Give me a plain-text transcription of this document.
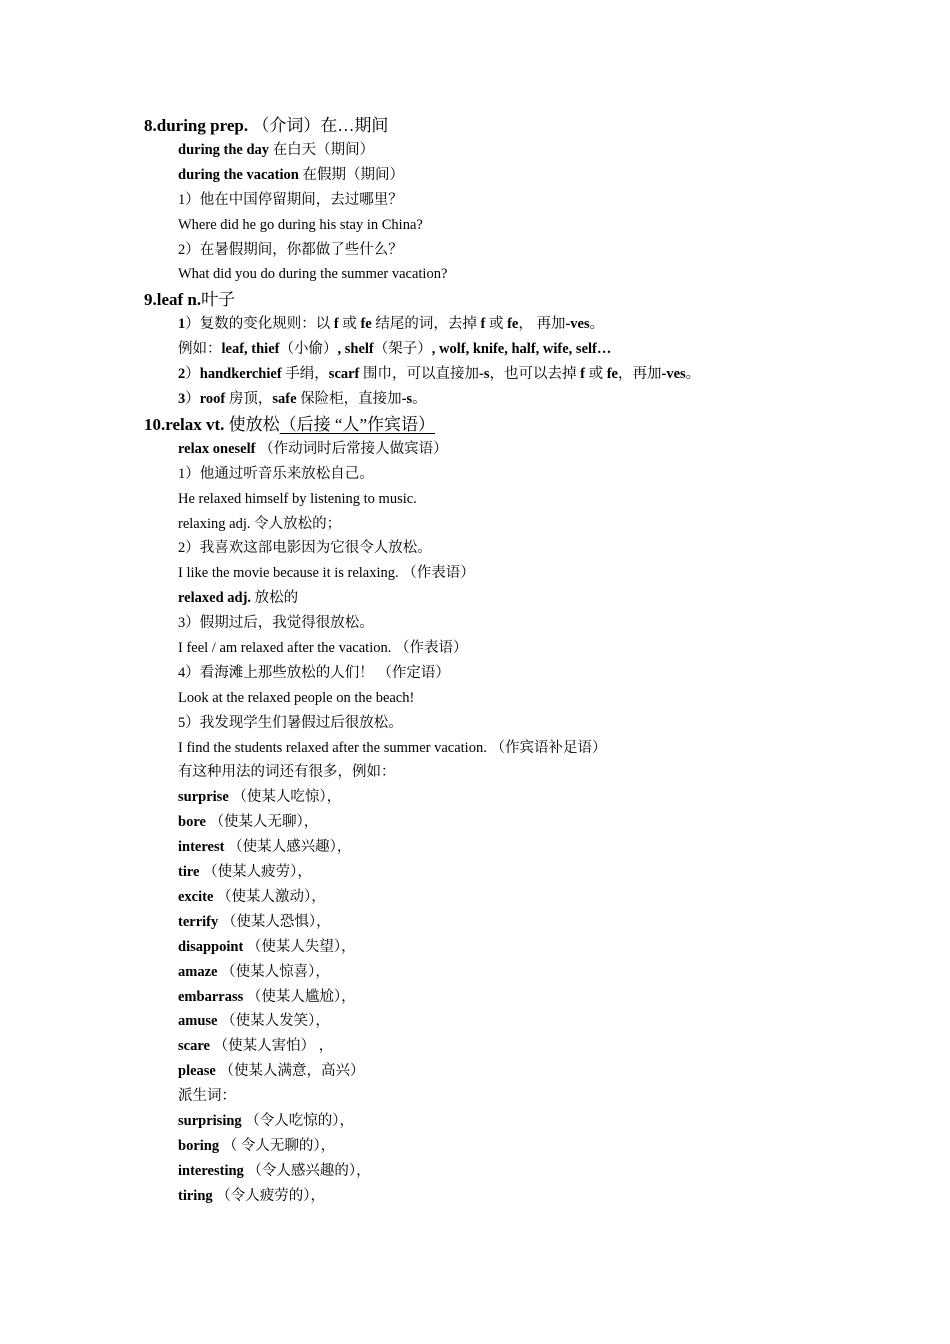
8.during prep. （介词）在…期间
during the day 在白天（期间）
during the vacation 在假期（期间）
1）他在中国停留期间，去过哪里？
Where did he go during his stay in China?
2）在暑假期间，你都做了些什么？
What did you do during the summer vacation?
9.leaf n.叶子
1）复数的变化规则：以 f 或 fe 结尾的词，去掉 f 或 fe， 再加-ves。
例如：leaf, thief（小偷）, shelf（架子）, wolf, knife, half, wife, self…
2）handkerchief 手绢，scarf 围巾，可以直接加-s，也可以去掉 f 或 fe，再加-ves。
3）roof 房顶，safe 保险柜，直接加-s。
10.relax vt. 使放松（后接 “人”作宾语）
relax oneself （作动词时后常接人做宾语）
1）他通过听音乐来放松自己。
He relaxed himself by listening to music.
relaxing adj. 令人放松的；
2）我喜欢这部电影因为它很令人放松。
I like the movie because it is relaxing. （作表语）
relaxed adj. 放松的
3）假期过后，我觉得很放松。
I feel / am relaxed after the vacation. （作表语）
4）看海滩上那些放松的人们！ （作定语）
Look at the relaxed people on the beach!
5）我发现学生们暑假过后很放松。
I find the students relaxed after the summer vacation. （作宾语补足语）
有这种用法的词还有很多，例如：
surprise （使某人吃惊），
bore （使某人无聊），
interest （使某人感兴趣），
tire （使某人疲劳），
excite （使某人激动），
terrify （使某人恐惧），
disappoint （使某人失望），
amaze （使某人惊喜），
embarrass （使某人尴尬），
amuse （使某人发笑），
scare （使某人害怕） ，
please （使某人满意，高兴）
派生词：
surprising （令人吃惊的），
boring （ 令人无聊的），
interesting （令人感兴趣的），
tiring （令人疲劳的），
